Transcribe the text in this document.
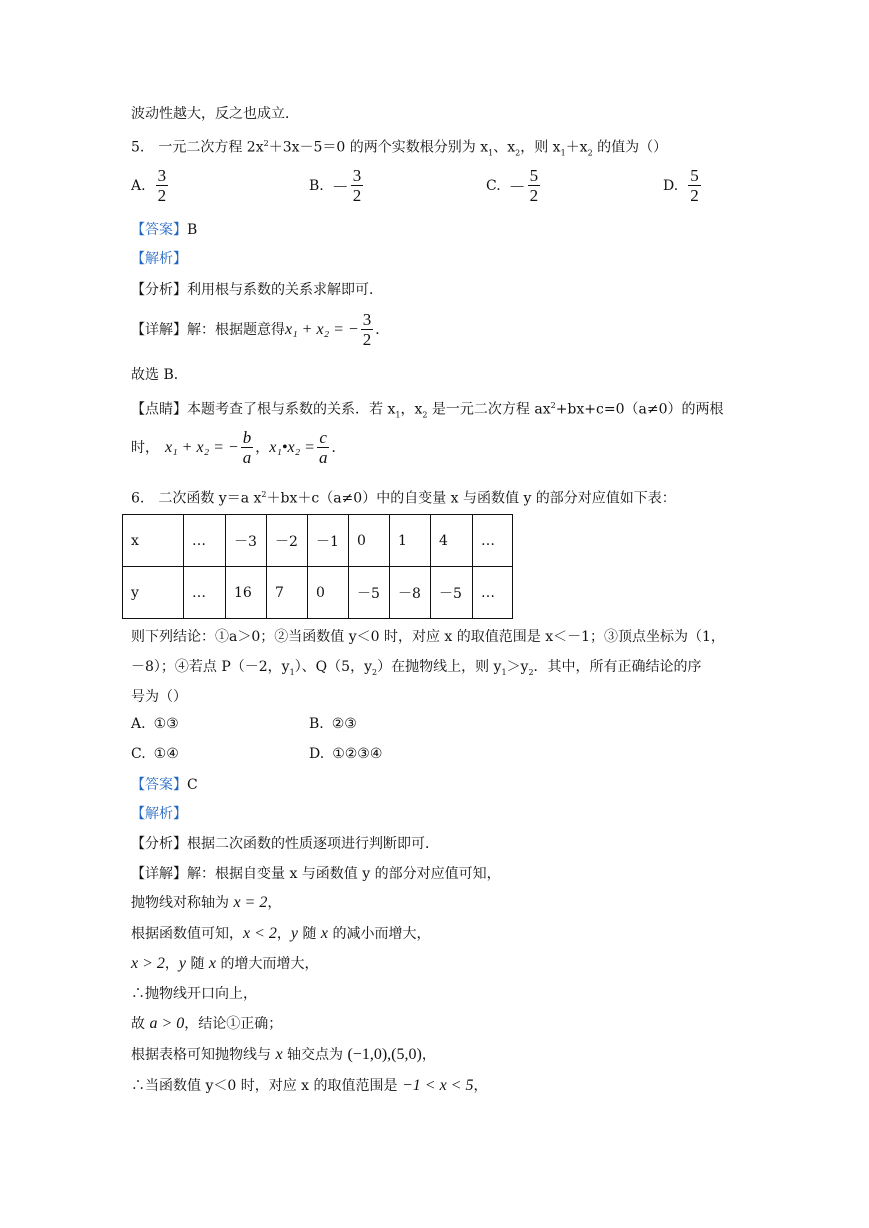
波动性越大，反之也成立．
5.　一元二次方程 $2x^2+3x-5=0$ 的两个实数根分别为 $x_1$、$x_2$，则 $x_1+x_2$ 的值为（）
A. $\frac{3}{2}$	B. － $\frac{3}{2}$	C. － $\frac{5}{2}$	D. $\frac{5}{2}$
【答案】B
【解析】
【分析】利用根与系数的关系求解即可．
【详解】解：根据题意得 x₁ + x₂ = − $\frac{3}{2}$ ．
故选 B．
【点睛】本题考查了根与系数的关系．若 $x_1$，$x_2$ 是一元二次方程 $ax^2+bx+c=0(a\ne 0)$的两根
时， x₁ + x₂ = − $\frac{b}{a}$ ， x₁•x₂ = $\frac{c}{a}$ ．
6.　二次函数 y＝a $x^2+bx+c(a\ne 0)$中的自变量 x 与函数值 y 的部分对应值如下表：
x	…	－3	－2	－1	0	1	4	…
y	…	16	7	0	－5	－8	－5	…
则下列结论：①a＞0；②当函数值 y＜0 时，对应 x 的取值范围是 x＜－1；③顶点坐标为（1，
－8）；④若点 P（－2，$y_1$）、Q（5，$y_2$）在抛物线上，则 $y_1>y_2$．其中，所有正确结论的序
号为（）
A. ①③	B. ②③
C. ①④	D. ①②③④
【答案】C
【解析】
【分析】根据二次函数的性质逐项进行判断即可．
【详解】解：根据自变量 x 与函数值 y 的部分对应值可知，
抛物线对称轴为 x = 2，
根据函数值可知，x < 2，y 随 x 的减小而增大，
x > 2，y 随 x 的增大而增大，
∴抛物线开口向上，
故 a > 0，结论①正确；
根据表格可知抛物线与 x 轴交点为 (−1,0),(5,0)，
∴当函数值 y＜0 时，对应 x 的取值范围是 −1 < x < 5，
